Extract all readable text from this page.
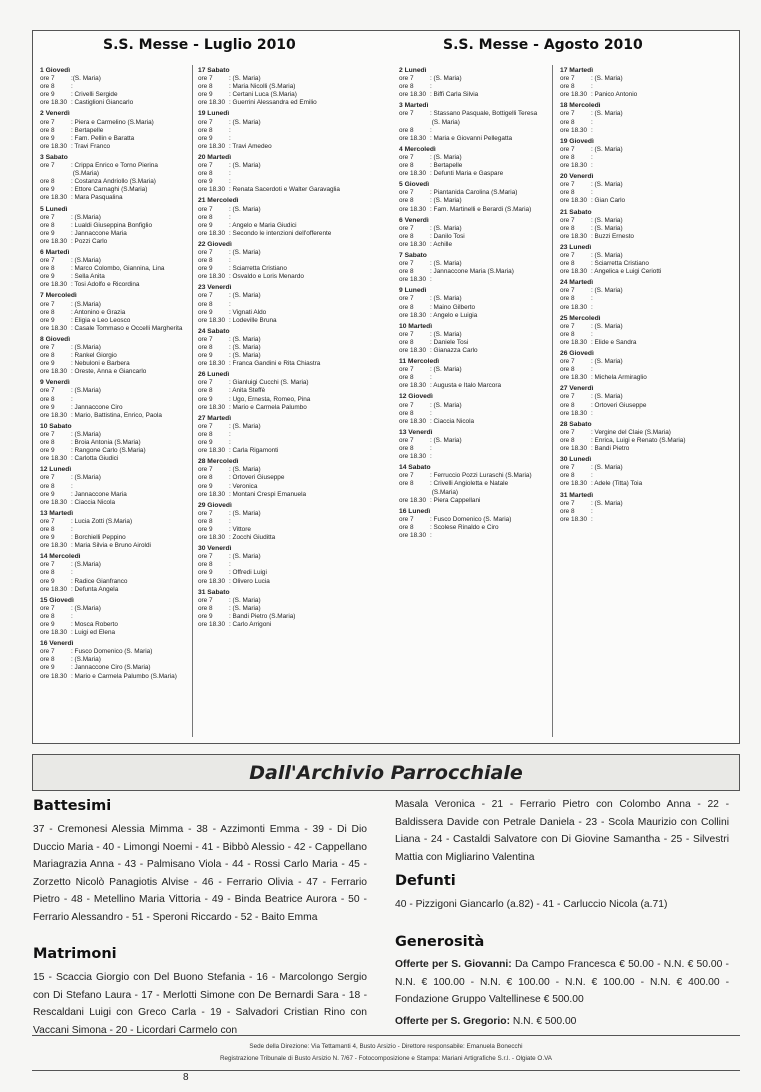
S.S. Messe - Luglio 2010	S.S. Messe - Agosto 2010
1 Giovedì
ore 7	:(S. Maria)
ore 8	:
ore 9	: Crivelli Sergide
ore 18.30 : Castiglioni Giancarlo
2 Venerdì
ore 7	: Piera e Carmelino (S.Maria)
ore 8	: Bertapelle
ore 9	: Fam. Pellin e Baratta
ore 18.30 : Travi Franco
3 Sabato
ore 7	: Crippa Enrico e Torno Pierina
(S.Maria)
ore 8	: Costanza Andriollo (S.Maria)
ore 9	: Ettore Carnaghi (S.Maria)
ore 18.30 : Mara Pasqualina
5 Lunedì
ore 7	: (S.Maria)
ore 8	: Lualdi Giuseppina Bonfiglio
ore 9	: Jannaccone Maria
ore 18.30 : Pozzi Carlo
6 Martedì
ore 7	: (S.Maria)
ore 8	: Marco Colombo, Giannina, Lina
ore 9	: Sella Anita
ore 18.30 : Tosi Adolfo e Ricordina
7 Mercoledì
ore 7	: (S.Maria)
ore 8	: Antonino e Grazia
ore 9	: Eligia e Leo Leosco
ore 18.30 : Casale Tommaso e Occelli Margherita
8 Giovedì
ore 7	: (S.Maria)
ore 8	: Rankel Giorgio
ore 9	: Nebuloni e Barbera
ore 18.30 : Oreste, Anna e Giancarlo
9 Venerdì
ore 7	: (S.Maria)
ore 8	:
ore 9	: Jannaccone Ciro
ore 18.30 : Mario, Battistina, Enrico, Paola
10 Sabato
ore 7	: (S.Maria)
ore 8	: Broia Antonia (S.Maria)
ore 9	: Rangone Carlo (S.Maria)
ore 18.30 : Carlotta Giudici
12 Lunedì
ore 7	: (S.Maria)
ore 8	:
ore 9	: Jannaccone Maria
ore 18.30 : Ciaccia Nicola
13 Martedì
ore 7	: Lucia Zotti (S.Maria)
ore 8	:
ore 9	: Borchielli Peppino
ore 18.30 : Maria Silvia e Bruno Airoldi
14 Mercoledì
ore 7	: (S.Maria)
ore 8	:
ore 9	: Radice Gianfranco
ore 18.30 : Defunta Angela
15 Giovedì
ore 7	: (S.Maria)
ore 8	:
ore 9	: Mosca Roberto
ore 18.30 : Luigi ed Elena
16 Venerdì
ore 7	: Fusco Domenico (S. Maria)
ore 8	: (S.Maria)
ore 9	: Jannaccone Ciro (S.Maria)
ore 18.30 : Mario e Carmela Palumbo (S.Maria)
17 Sabato
ore 7	: (S. Maria)
ore 8	: Maria Nicolli (S.Maria)
ore 9	: Certani Luca (S.Maria)
ore 18.30 : Guerrini Alessandra ed Emilio
19 Lunedì
ore 7	: (S. Maria)
ore 8	:
ore 9	:
ore 18.30 : Travi Amedeo
20 Martedì
ore 7	: (S. Maria)
ore 8	:
ore 9	:
ore 18.30 : Renata Sacerdoti e Walter Garavaglia
21 Mercoledì
ore 7	: (S. Maria)
ore 8	:
ore 9	: Angelo e Maria Giudici
ore 18.30 : Secondo le intenzioni dell'offerente
22 Giovedì
ore 7	: (S. Maria)
ore 8	:
ore 9	: Sciarretta Cristiano
ore 18.30 : Osvaldo e Loris Menardo
23 Venerdì
ore 7	: (S. Maria)
ore 8	:
ore 9	: Vignati Aldo
ore 18.30 : Lodeville Bruna
24 Sabato
ore 7	: (S. Maria)
ore 8	: (S. Maria)
ore 9	: (S. Maria)
ore 18.30 : Franca Gandini e Rita Chiastra
26 Lunedì
ore 7	: Gianluigi Cucchi (S. Maria)
ore 8	: Anita Steffè
ore 9	: Ugo, Ernesta, Romeo, Pina
ore 18.30 : Mario e Carmela Palumbo
27 Martedì
ore 7	: (S. Maria)
ore 8	:
ore 9	:
ore 18.30 : Carla Rigamonti
28 Mercoledì
ore 7	: (S. Maria)
ore 8	: Ortoveri Giuseppe
ore 9	: Veronica
ore 18.30 : Montani Crespi Emanuela
29 Giovedì
ore 7	: (S. Maria)
ore 8	:
ore 9	: Vittore
ore 18.30 : Zocchi Giuditta
30 Venerdì
ore 7	: (S. Maria)
ore 8	:
ore 9	: Offredi Luigi
ore 18.30 : Olivero Lucia
31 Sabato
ore 7	: (S. Maria)
ore 8	: (S. Maria)
ore 9	: Bandi Pietro (S.Maria)
ore 18.30 : Carlo Arrigoni
2 Lunedì
ore 7	: (S. Maria)
ore 8	:
ore 18.30 : Biffi Carla Silvia
3 Martedì
ore 7	: Stassano Pasquale, Bottigelli Teresa
(S. Maria)
ore 8	:
ore 18.30 : Maria e Giovanni Pellegatta
4 Mercoledì
ore 7	: (S. Maria)
ore 8	: Bertapelle
ore 18.30 : Defunti Maria e Gaspare
5 Giovedì
ore 7	: Piantanida Carolina (S.Maria)
ore 8	: (S. Maria)
ore 18.30 : Fam. Martinelli e Berardi (S.Maria)
6 Venerdì
ore 7	: (S. Maria)
ore 8	: Danilo Tosi
ore 18.30 : Achille
7 Sabato
ore 7	: (S. Maria)
ore 8	: Jannaccone Maria (S.Maria)
ore 18.30 :
9 Lunedì
ore 7	: (S. Maria)
ore 8	: Maino Gilberto
ore 18.30 : Angelo e Luigia
10 Martedì
ore 7	: (S. Maria)
ore 8	: Daniele Tosi
ore 18.30 : Gianazza Carlo
11 Mercoledì
ore 7	: (S. Maria)
ore 8	:
ore 18.30 : Augusta e Italo Marcora
12 Giovedì
ore 7	: (S. Maria)
ore 8	:
ore 18.30 : Ciaccia Nicola
13 Venerdì
ore 7	: (S. Maria)
ore 8	:
ore 18.30 :
14 Sabato
ore 7	: Ferruccio Pozzi Luraschi (S.Maria)
ore 8	: Crivelli Angioletta e Natale
(S.Maria)
ore 18.30 : Piera Cappellani
16 Lunedì
ore 7	: Fusco Domenico (S. Maria)
ore 8	: Scolese Rinaldo e Ciro
ore 18.30 :
17 Martedì
ore 7	: (S. Maria)
ore 8	:
ore 18.30 : Panico Antonio
18 Mercoledì
ore 7	: (S. Maria)
ore 8	:
ore 18.30 :
19 Giovedì
ore 7	: (S. Maria)
ore 8	:
ore 18.30 :
20 Venerdì
ore 7	: (S. Maria)
ore 8	:
ore 18.30 : Gian Carlo
21 Sabato
ore 7	: (S. Maria)
ore 8	: (S. Maria)
ore 18.30 : Buzzi Ernesto
23 Lunedì
ore 7	: (S. Maria)
ore 8	: Sciarretta Cristiano
ore 18.30 : Angelica e Luigi Ceriotti
24 Martedì
ore 7	: (S. Maria)
ore 8	:
ore 18.30 :
25 Mercoledì
ore 7	: (S. Maria)
ore 8	:
ore 18.30 : Elide e Sandra
26 Giovedì
ore 7	: (S. Maria)
ore 8	:
ore 18.30 : Michela Armiraglio
27 Venerdì
ore 7	: (S. Maria)
ore 8	: Ortoveri Giuseppe
ore 18.30 :
28 Sabato
ore 7	: Vergine del Claie (S.Maria)
ore 8	: Enrica, Luigi e Renato (S.Maria)
ore 18.30 : Bandi Pietro
30 Lunedì
ore 7	: (S. Maria)
ore 8	:
ore 18.30 : Adele (Titta) Toia
31 Martedì
ore 7	: (S. Maria)
ore 8	:
ore 18.30 :
Dall'Archivio Parrocchiale
Battesimi
37 - Cremonesi Alessia Mimma - 38 - Azzimonti Emma - 39 - Di Dio Duccio Maria - 40 - Limongi Noemi - 41 - Bibbò Alessio - 42 - Cappellano Mariagrazia Anna - 43 - Palmisano Viola - 44 - Rossi Carlo Maria - 45 - Zorzetto Nicolò Panagiotis Alvise - 46 - Ferrario Olivia - 47 - Ferrario Pietro - 48 - Metellino Maria Vittoria - 49 - Binda Beatrice Aurora - 50 - Ferrario Alessandro - 51 - Speroni Riccardo - 52 - Baito Emma
Matrimoni
15 - Scaccia Giorgio con Del Buono Stefania - 16 - Marcolongo Sergio con Di Stefano Laura - 17 - Merlotti Simone con De Bernardi Sara - 18 - Rescaldani Luigi con Greco Carla - 19 - Salvadori Cristian Rino con Vaccani Simona - 20 - Licordari Carmelo con
Masala Veronica - 21 - Ferrario Pietro con Colombo Anna - 22 - Baldissera Davide con Petrale Daniela - 23 - Scola Maurizio con Collini Liana - 24 - Castaldi Salvatore con Di Giovine Samantha - 25 - Silvestri Mattia con Migliarino Valentina
Defunti
40 - Pizzigoni Giancarlo (a.82) - 41 - Carluccio Nicola (a.71)
Generosità
Offerte per S. Giovanni: Da Campo Francesca € 50.00 - N.N. € 50.00 - N.N. € 100.00 - N.N. € 100.00 - N.N. € 100.00 - N.N. € 400.00 - Fondazione Gruppo Valtellinese € 500.00
Offerte per S. Gregorio: N.N. € 500.00
Sede della Direzione: Via Tettamanti 4, Busto Arsizio - Direttore responsabile: Emanuela Bonecchi
Registrazione Tribunale di Busto Arsizio N. 7/67 - Fotocomposizione e Stampa: Mariani Artigrafiche S.r.l. - Olgiate O.VA
8
